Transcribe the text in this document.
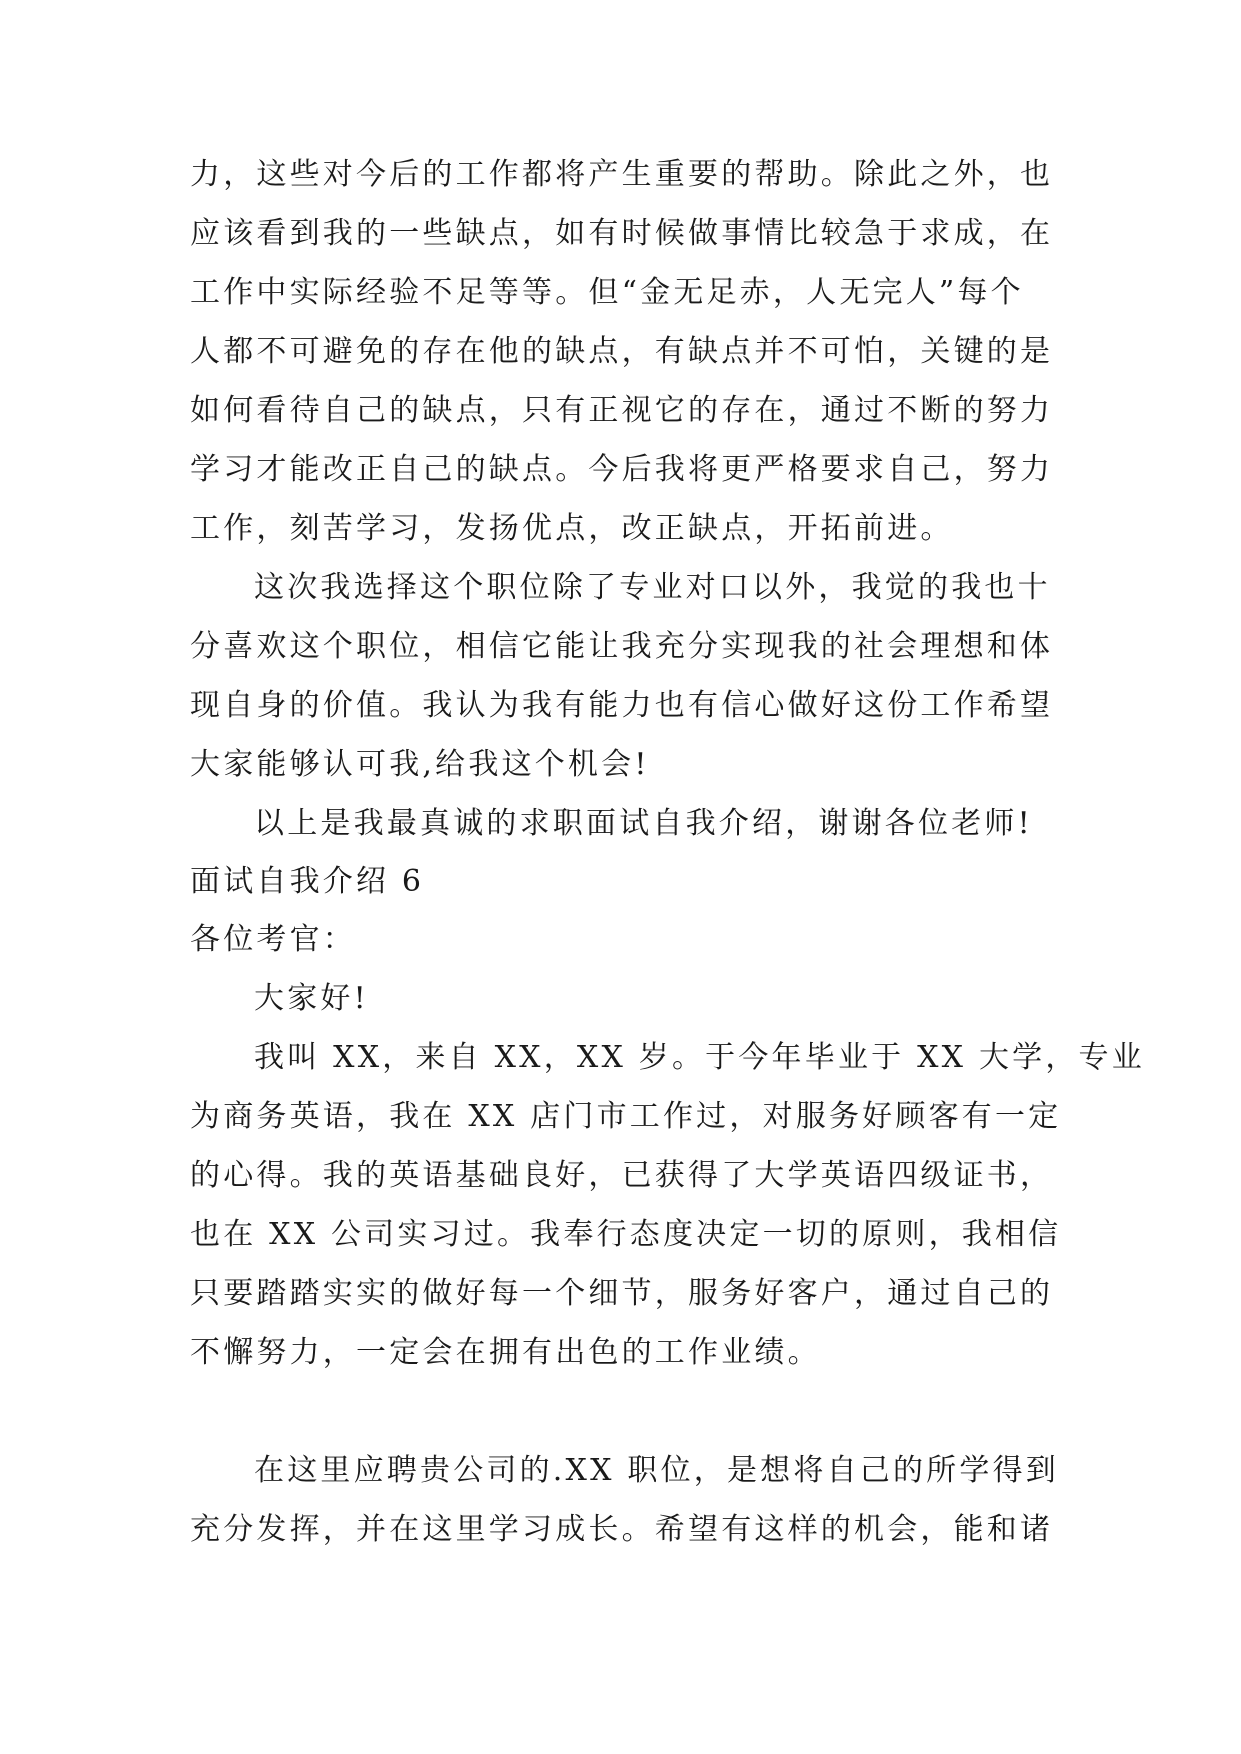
力，这些对今后的工作都将产生重要的帮助。除此之外，也
应该看到我的一些缺点，如有时候做事情比较急于求成，在
工作中实际经验不足等等。但“金无足赤，人无完人”每个
人都不可避免的存在他的缺点，有缺点并不可怕，关键的是
如何看待自己的缺点，只有正视它的存在，通过不断的努力
学习才能改正自己的缺点。今后我将更严格要求自己，努力
工作，刻苦学习，发扬优点，改正缺点，开拓前进。
这次我选择这个职位除了专业对口以外，我觉的我也十
分喜欢这个职位，相信它能让我充分实现我的社会理想和体
现自身的价值。我认为我有能力也有信心做好这份工作希望
大家能够认可我,给我这个机会!
以上是我最真诚的求职面试自我介绍，谢谢各位老师!
面试自我介绍 6
各位考官：
大家好!
我叫 XX，来自 XX，XX 岁。于今年毕业于 XX 大学，专业
为商务英语，我在 XX 店门市工作过，对服务好顾客有一定
的心得。我的英语基础良好，已获得了大学英语四级证书，
也在 XX 公司实习过。我奉行态度决定一切的原则，我相信
只要踏踏实实的做好每一个细节，服务好客户，通过自己的
不懈努力，一定会在拥有出色的工作业绩。
在这里应聘贵公司的.XX 职位，是想将自己的所学得到
充分发挥，并在这里学习成长。希望有这样的机会，能和诸
